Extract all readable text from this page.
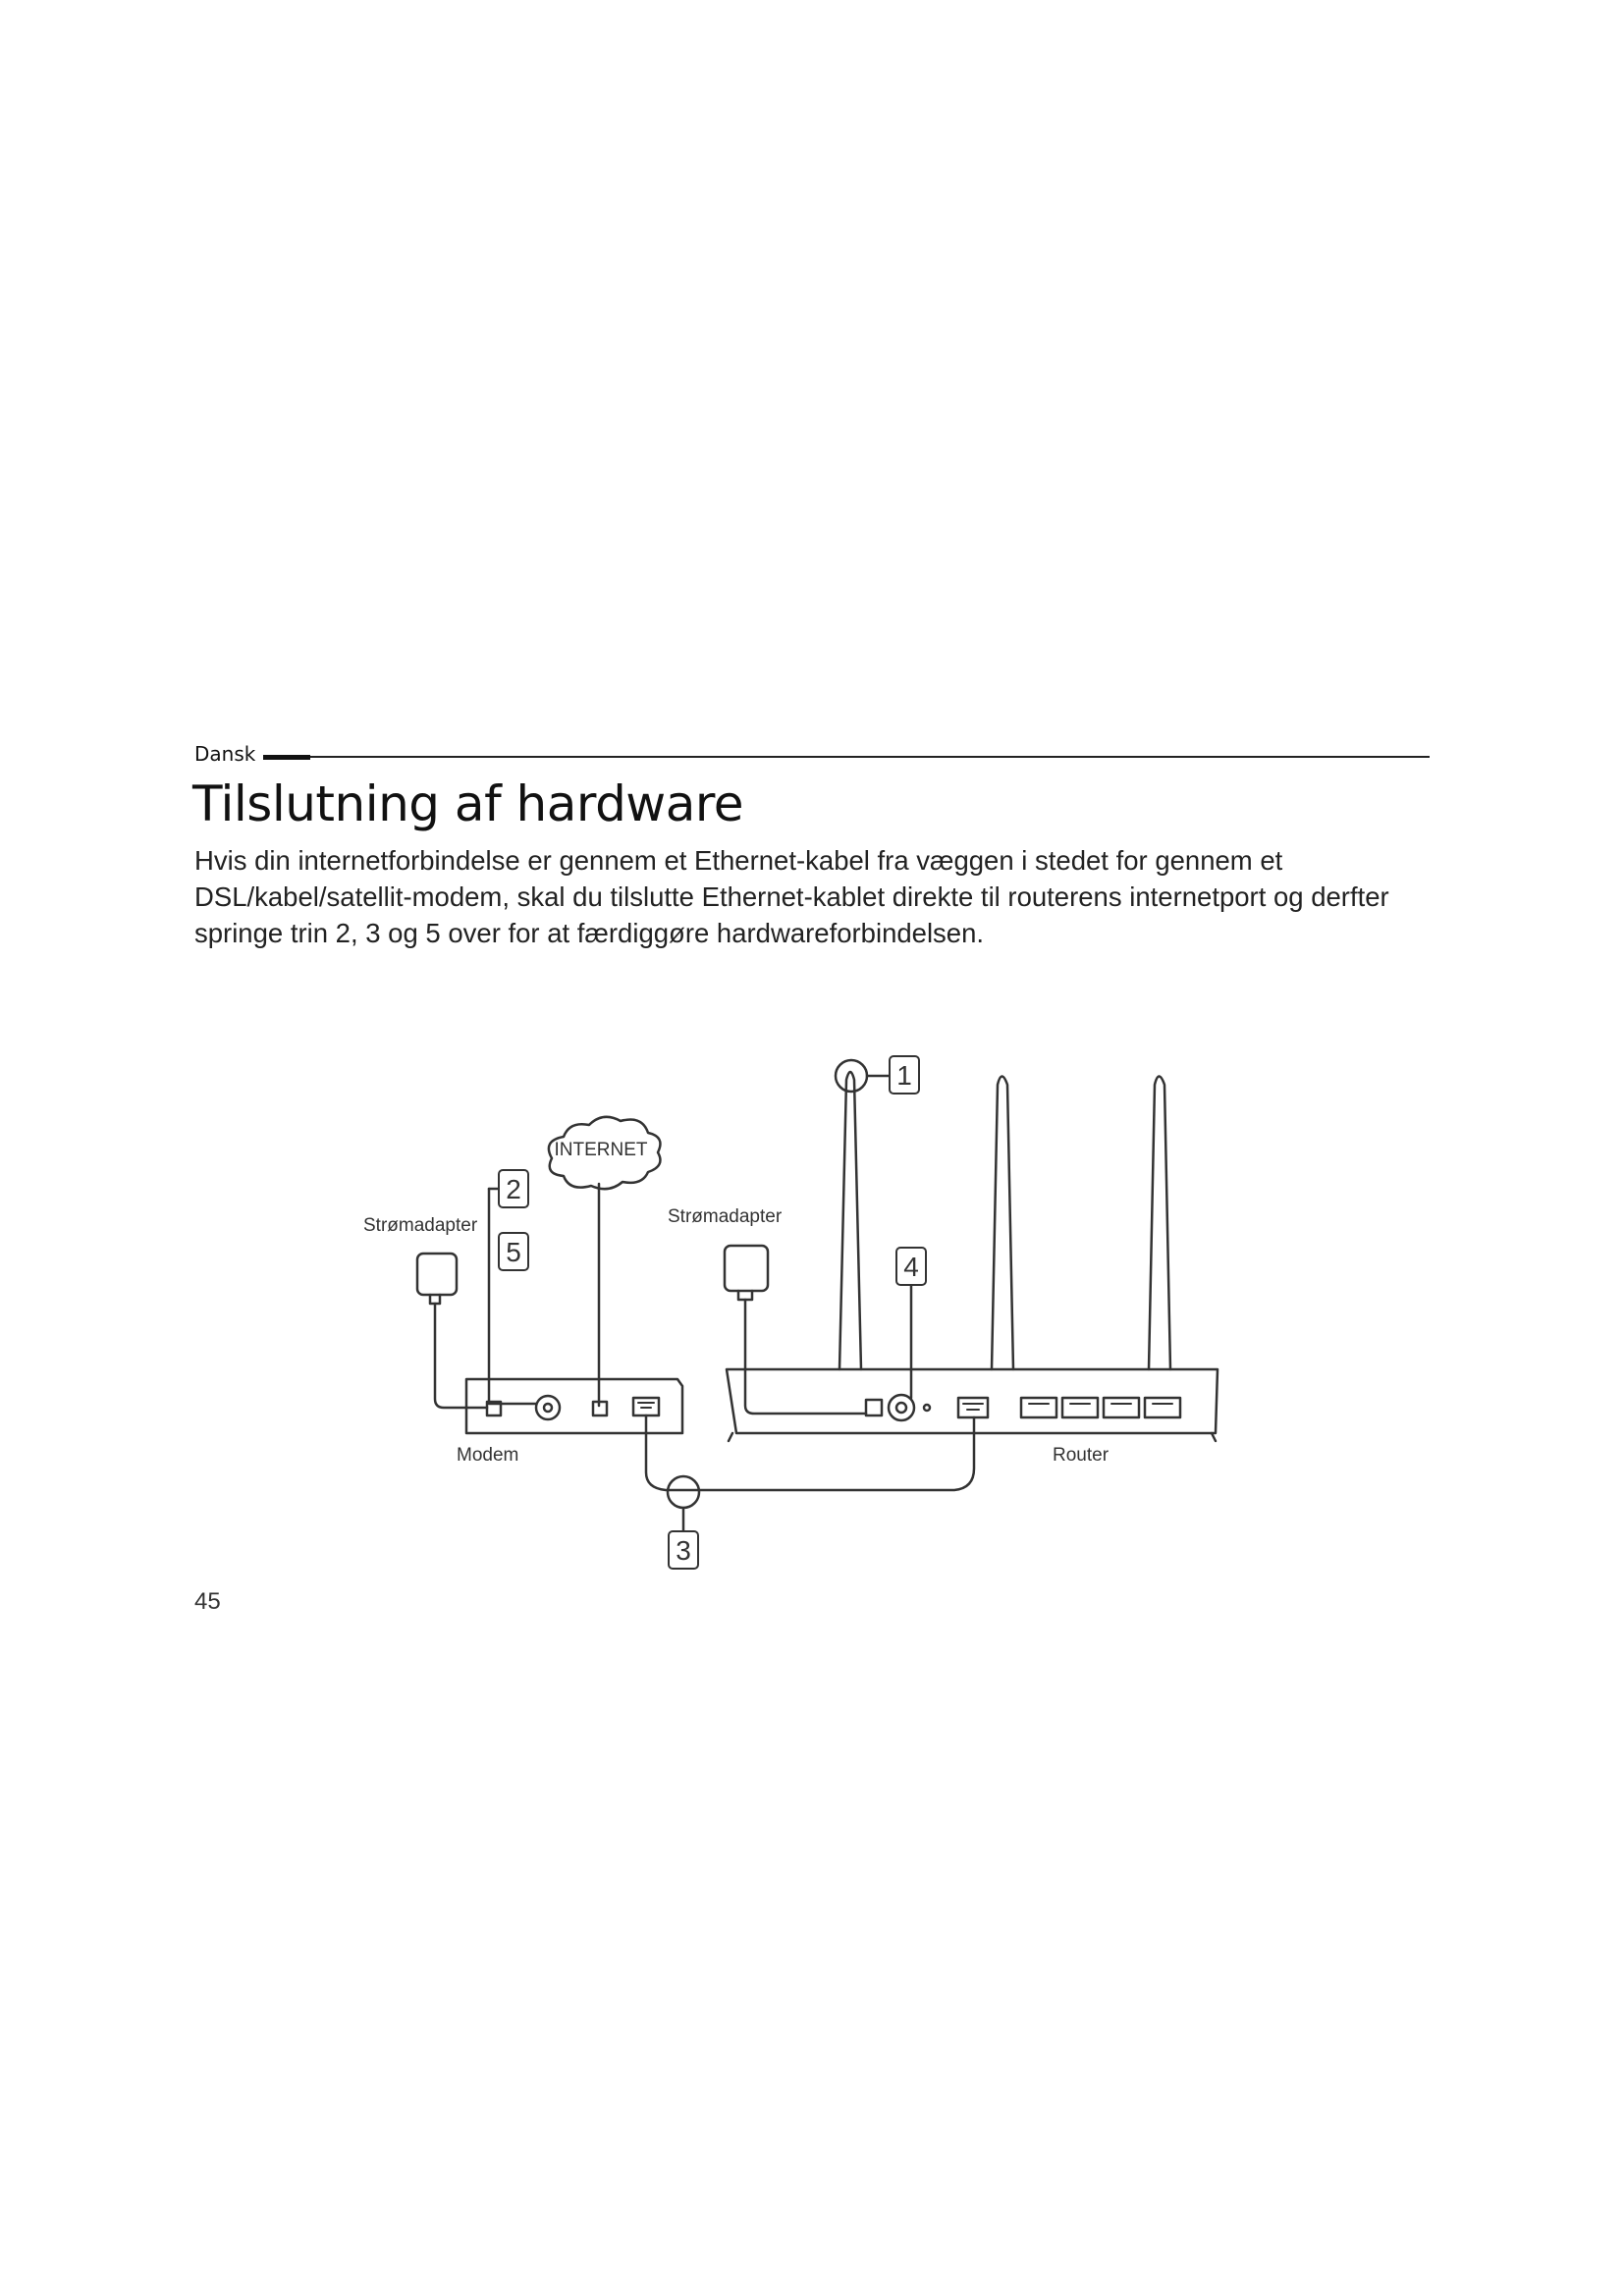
Dansk
Tilslutning af hardware

Hvis din internetforbindelse er gennem et Ethernet-kabel fra væggen i stedet for gennem et DSL/kabel/satellit-modem, skal du tilslutte Ethernet-kablet direkte til routerens internetport og derfter springe trin 2, 3 og 5 over for at færdiggøre hardwareforbindelsen.

1
2
5	4
3
INTERNET
Strømadapter	Strømadapter
Modem	Router
45
